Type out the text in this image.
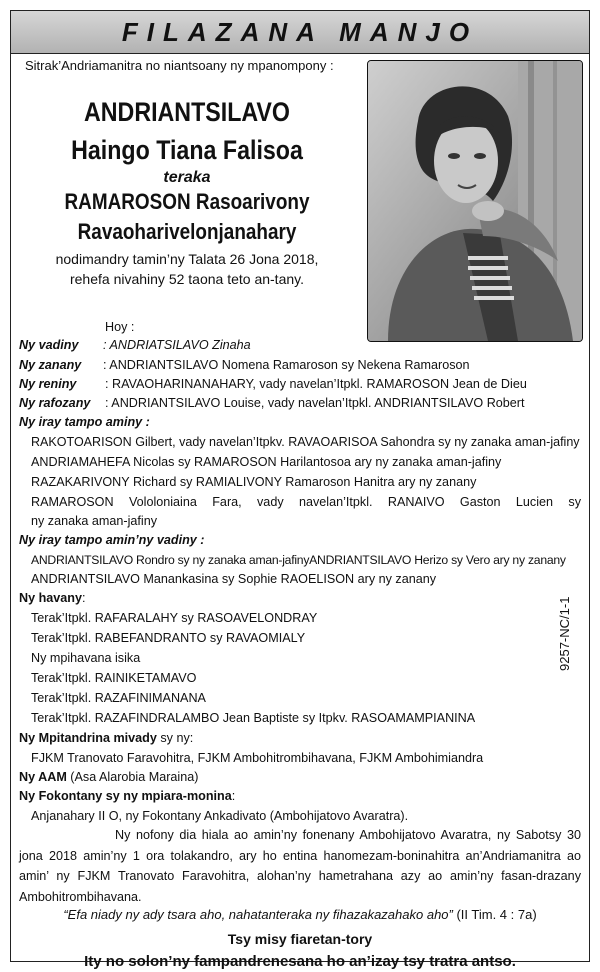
FILAZANA MANJO
Sitrak’Andriamanitra no niantsoany ny mpanompony :
ANDRIANTSILAVO
Haingo Tiana Falisoa
teraka
RAMAROSON Rasoarivony
Ravaoharivelonjanahary
nodimandry tamin’ny Talata 26 Jona 2018,
rehefa nivahiny 52 taona teto an-tany.
Hoy :
Ny vadiny : ANDRIATSILAVO Zinaha
Ny zanany : ANDRIANTSILAVO Nomena Ramaroson sy Nekena Ramaroson
Ny reniny : RAVAOHARINANAHARY, vady navelan’Itpkl. RAMAROSON Jean de Dieu
Ny rafozany : ANDRIANTSILAVO Louise, vady navelan’Itpkl. ANDRIANTSILAVO Robert
Ny iray tampo aminy :
RAKOTOARISON Gilbert, vady navelan’Itpkv. RAVAOARISOA Sahondra sy ny zanaka aman-jafiny
ANDRIAMAHEFA Nicolas sy RAMAROSON Harilantosoa ary ny zanaka aman-jafiny
RAZAKARIVONY Richard sy RAMIALIVONY Ramaroson Hanitra ary ny zanany
RAMAROSON Vololoniaina Fara, vady navelan’Itpkl. RANAIVO Gaston Lucien sy
ny zanaka aman-jafiny
Ny iray tampo amin’ny vadiny :
ANDRIANTSILAVO Rondro sy ny zanaka aman-jafinyANDRIANTSILAVO Herizo sy Vero ary ny zanany
ANDRIANTSILAVO Manankasina sy Sophie RAOELISON ary ny zanany
Ny havany:
Terak’Itpkl. RAFARALAHY sy RASOAVELONDRAY
Terak’Itpkl. RABEFANDRANTO sy RAVAOMIALY
Ny mpihavana isika
Terak’Itpkl. RAINIKETAMAVO
Terak’Itpkl. RAZAFINIMANANA
Terak’Itpkl. RAZAFINDRALAMBO Jean Baptiste sy Itpkv. RASOAMAMPIANINA
Ny Mpitandrina mivady sy ny:
FJKM Tranovato Faravohitra, FJKM Ambohitrombihavana, FJKM Ambohimiandra
Ny AAM (Asa Alarobia Maraina)
Ny Fokontany sy ny mpiara-monina:
Anjanahary II O, ny Fokontany Ankadivato (Ambohijatovo Avaratra).
Ny nofony dia hiala ao amin’ny fonenany Ambohijatovo Avaratra, ny Sabotsy 30 jona 2018 amin’ny 1 ora tolakandro, ary ho entina hanomezam-boninahitra an’Andriamanitra ao amin’ ny FJKM Tranovato Faravohitra, alohan’ny hametrahana azy ao amin’ny fasan-drazany Ambohitrombihavana.
“Efa niady ny ady tsara aho, nahatanteraka ny fihazakazahako aho” (II Tim. 4 : 7a)
Tsy misy fiaretan-tory
Ity no solon’ny fampandrenesana ho an’izay tsy tratra antso.
9257-NC/1-1
